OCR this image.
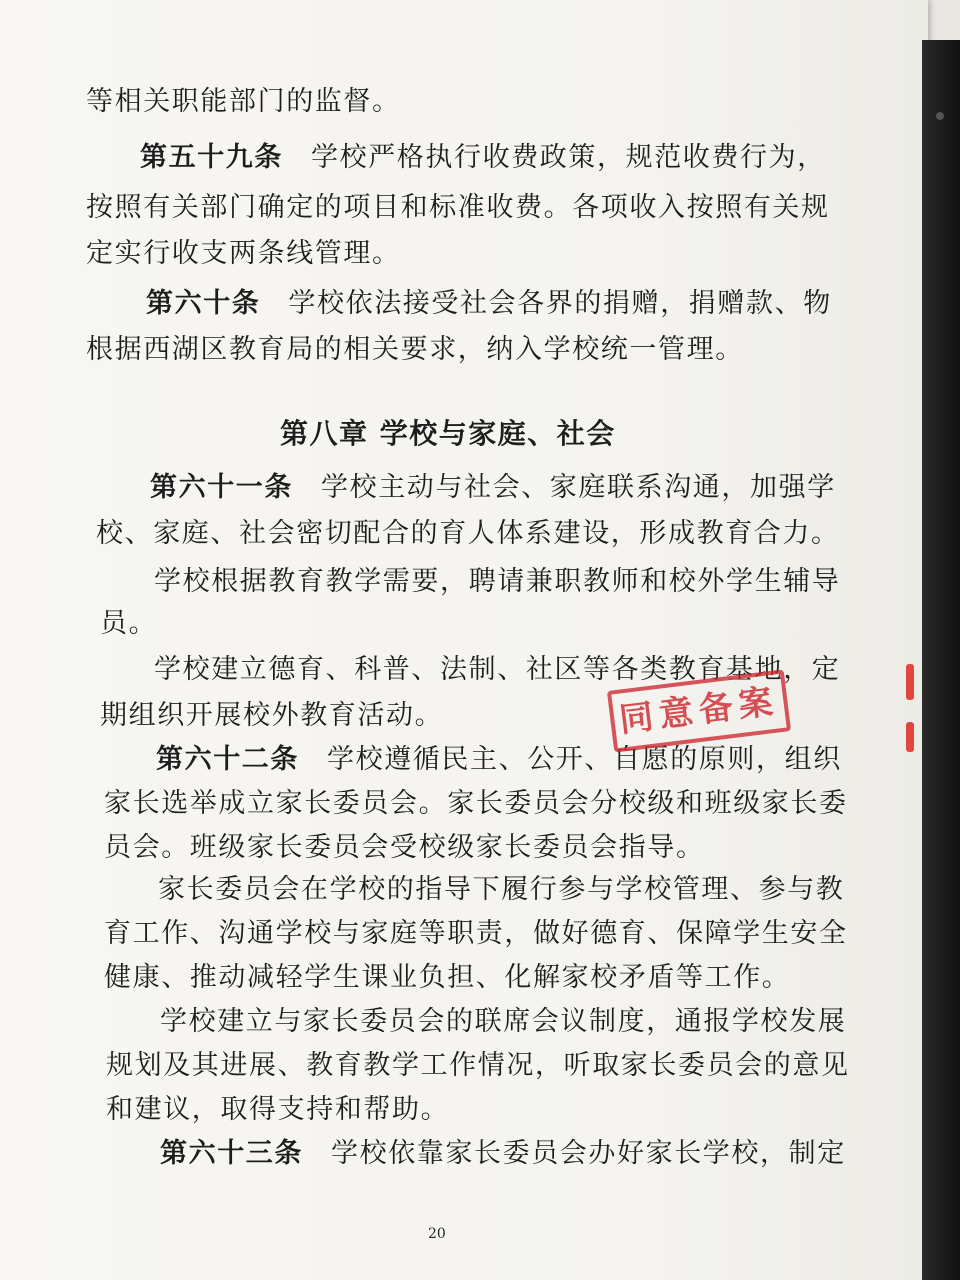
等相关职能部门的监督。
第五十九条 学校严格执行收费政策，规范收费行为，
按照有关部门确定的项目和标准收费。各项收入按照有关规
定实行收支两条线管理。
第六十条 学校依法接受社会各界的捐赠，捐赠款、物
根据西湖区教育局的相关要求，纳入学校统一管理。
第八章 学校与家庭、社会
第六十一条 学校主动与社会、家庭联系沟通，加强学
校、家庭、社会密切配合的育人体系建设，形成教育合力。
学校根据教育教学需要，聘请兼职教师和校外学生辅导
员。
学校建立德育、科普、法制、社区等各类教育基地，定
期组织开展校外教育活动。
第六十二条 学校遵循民主、公开、自愿的原则，组织
家长选举成立家长委员会。家长委员会分校级和班级家长委
员会。班级家长委员会受校级家长委员会指导。
家长委员会在学校的指导下履行参与学校管理、参与教
育工作、沟通学校与家庭等职责，做好德育、保障学生安全
健康、推动减轻学生课业负担、化解家校矛盾等工作。
学校建立与家长委员会的联席会议制度，通报学校发展
规划及其进展、教育教学工作情况，听取家长委员会的意见
和建议，取得支持和帮助。
第六十三条 学校依靠家长委员会办好家长学校，制定
同意备案
20
